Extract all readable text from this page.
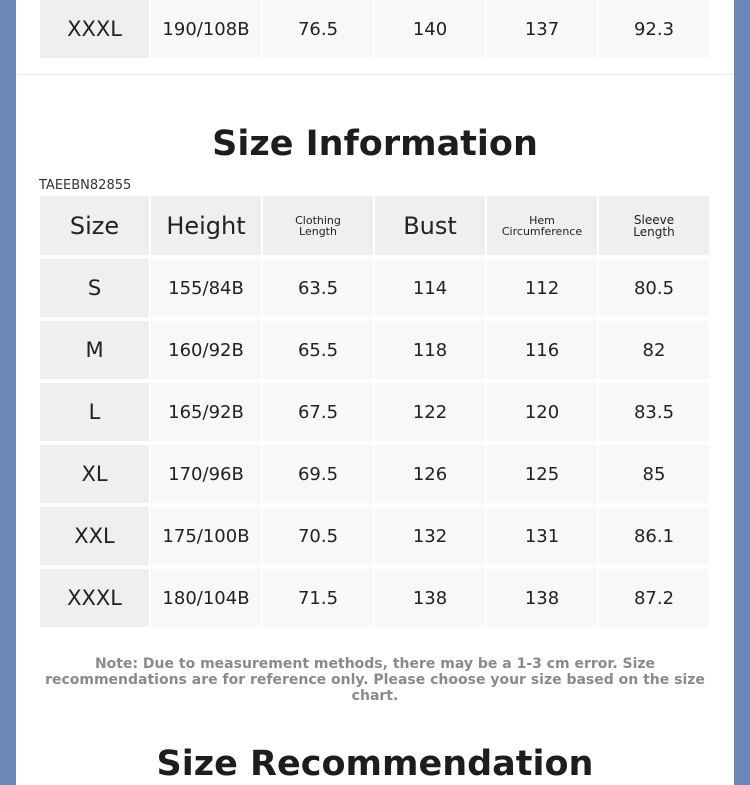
XXXL	190/108B	76.5	140	137	92.3
Size Information
TAEEBN82855
Size	Height	Clothing Length	Bust	Hem Circumference	Sleeve Length
S	155/84B	63.5	114	112	80.5
M	160/92B	65.5	118	116	82
L	165/92B	67.5	122	120	83.5
XL	170/96B	69.5	126	125	85
XXL	175/100B	70.5	132	131	86.1
XXXL	180/104B	71.5	138	138	87.2
Note: Due to measurement methods, there may be a 1-3 cm error. Size recommendations are for reference only. Please choose your size based on the size chart.
Size Recommendation
